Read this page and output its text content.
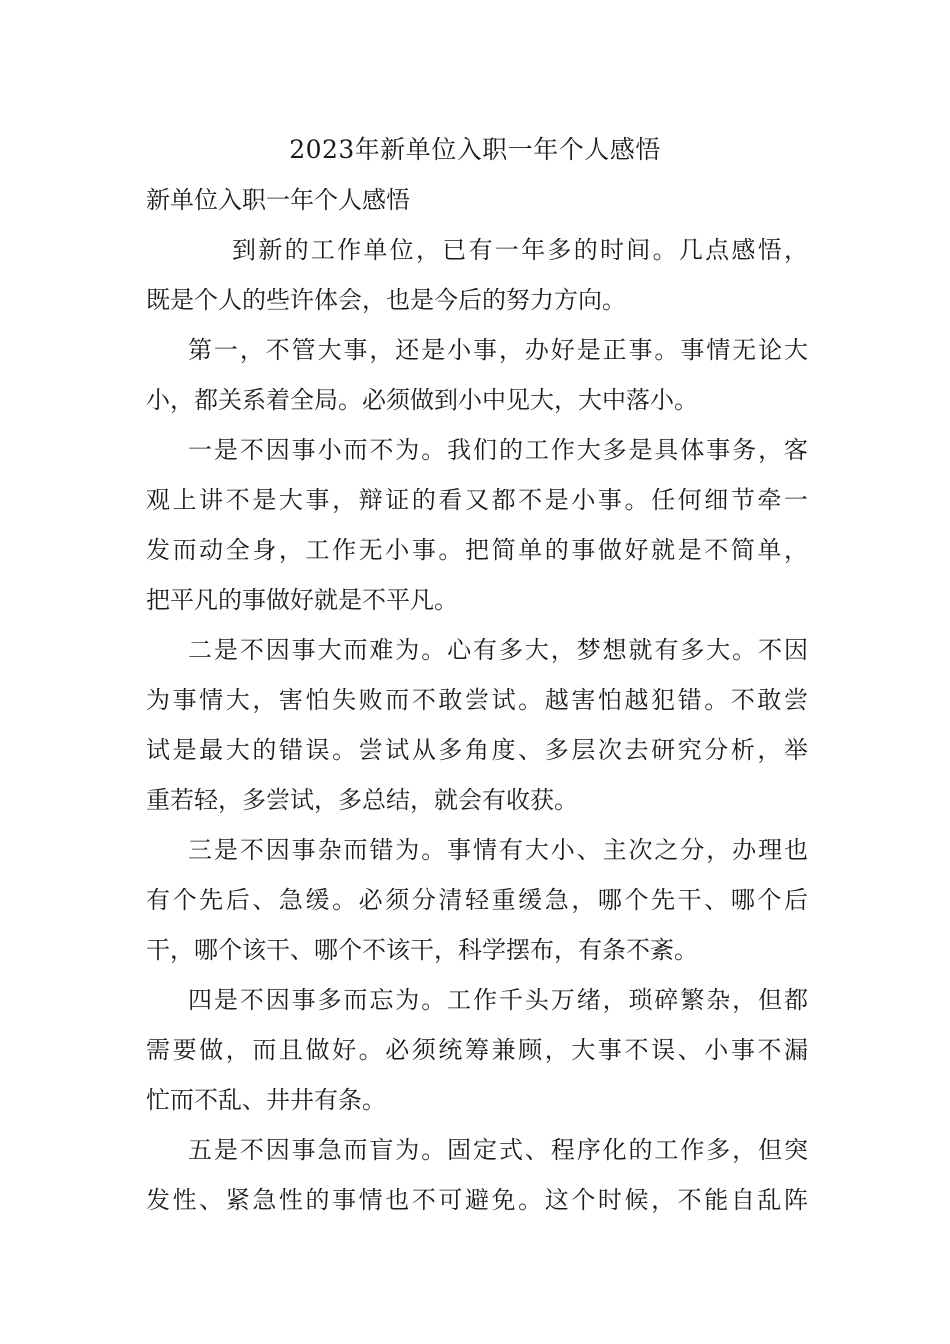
2023年新单位入职一年个人感悟
新单位入职一年个人感悟
到新的工作单位，已有一年多的时间。几点感悟，
既是个人的些许体会，也是今后的努力方向。
第一，不管大事，还是小事，办好是正事。事情无论大
小，都关系着全局。必须做到小中见大，大中落小。
一是不因事小而不为。我们的工作大多是具体事务，客
观上讲不是大事，辩证的看又都不是小事。任何细节牵一
发而动全身，工作无小事。把简单的事做好就是不简单，
把平凡的事做好就是不平凡。
二是不因事大而难为。心有多大，梦想就有多大。不因
为事情大，害怕失败而不敢尝试。越害怕越犯错。不敢尝
试是最大的错误。尝试从多角度、多层次去研究分析，举
重若轻，多尝试，多总结，就会有收获。
三是不因事杂而错为。事情有大小、主次之分，办理也
有个先后、急缓。必须分清轻重缓急，哪个先干、哪个后
干，哪个该干、哪个不该干，科学摆布，有条不紊。
四是不因事多而忘为。工作千头万绪，琐碎繁杂，但都
需要做，而且做好。必须统筹兼顾，大事不误、小事不漏
忙而不乱、井井有条。
五是不因事急而盲为。固定式、程序化的工作多，但突
发性、紧急性的事情也不可避免。这个时候，不能自乱阵
